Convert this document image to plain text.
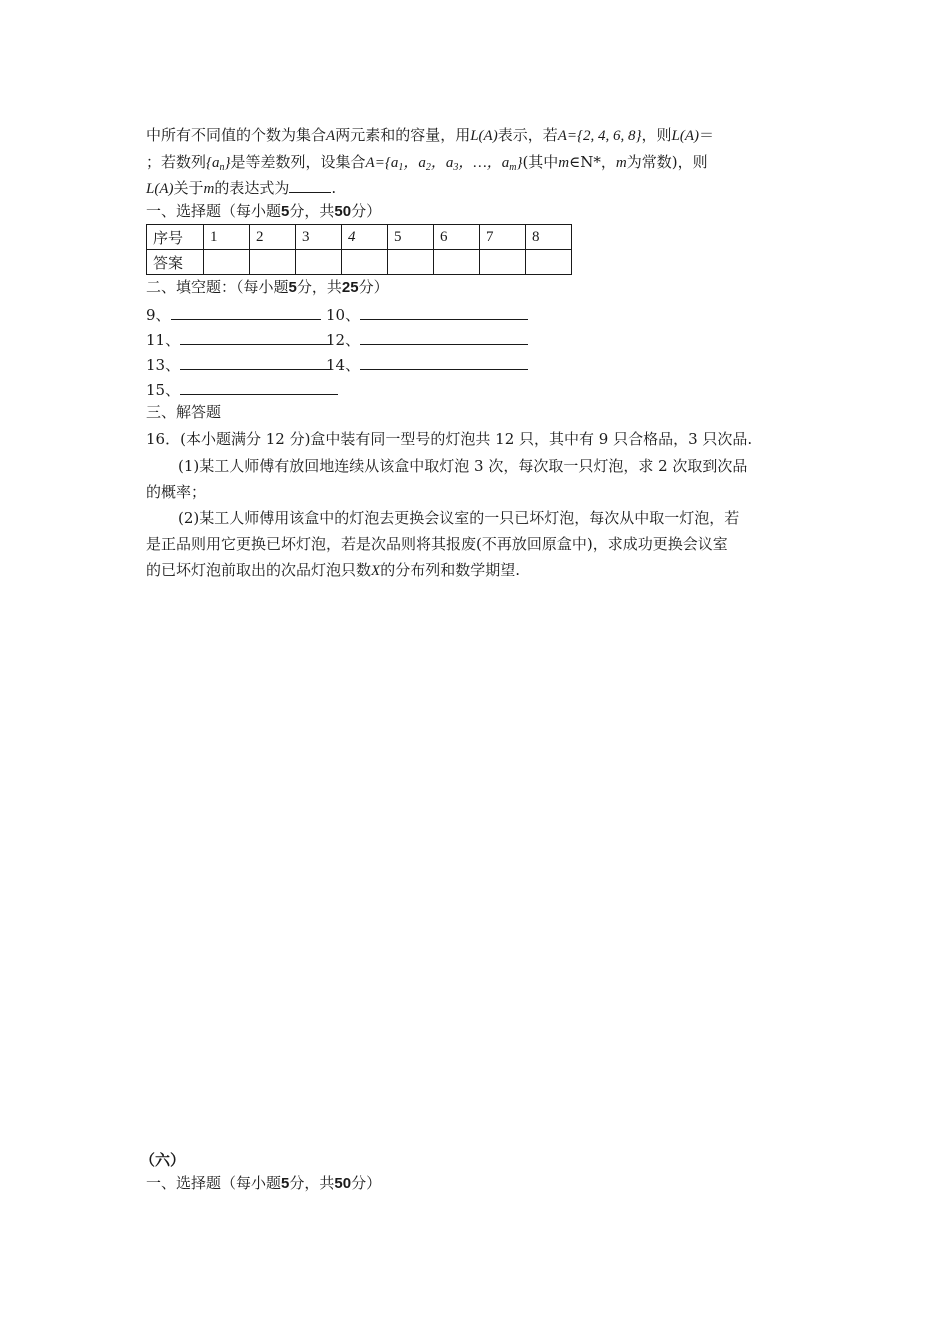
中所有不同值的个数为集合A两元素和的容量，用L(A)表示，若A={2, 4, 6, 8}，则L(A)＝
；若数列$\{a_n\}$是等差数列，设集合$A=\{a_1$，$a_2$，$a_3$，…，$a_m$}(其中m∈N*，m为常数)，则
L(A)关于m的表达式为	.
一、选择题（每小题5分，共50分）
序号	1	2	3	4	5	6	7	8
答案								
二、填空题：（每小题5分，共25分）
9、	10、
11、	12、
13、	14、
15、
三、解答题
16．(本小题满分 12 分)盒中装有同一型号的灯泡共 12 只，其中有 9 只合格品，3 只次品.
(1)某工人师傅有放回地连续从该盒中取灯泡 3 次，每次取一只灯泡，求 2 次取到次品
的概率；
(2)某工人师傅用该盒中的灯泡去更换会议室的一只已坏灯泡，每次从中取一灯泡，若
是正品则用它更换已坏灯泡，若是次品则将其报废(不再放回原盒中)，求成功更换会议室
的已坏灯泡前取出的次品灯泡只数X的分布列和数学期望.
（六）
一、选择题（每小题5分，共50分）
